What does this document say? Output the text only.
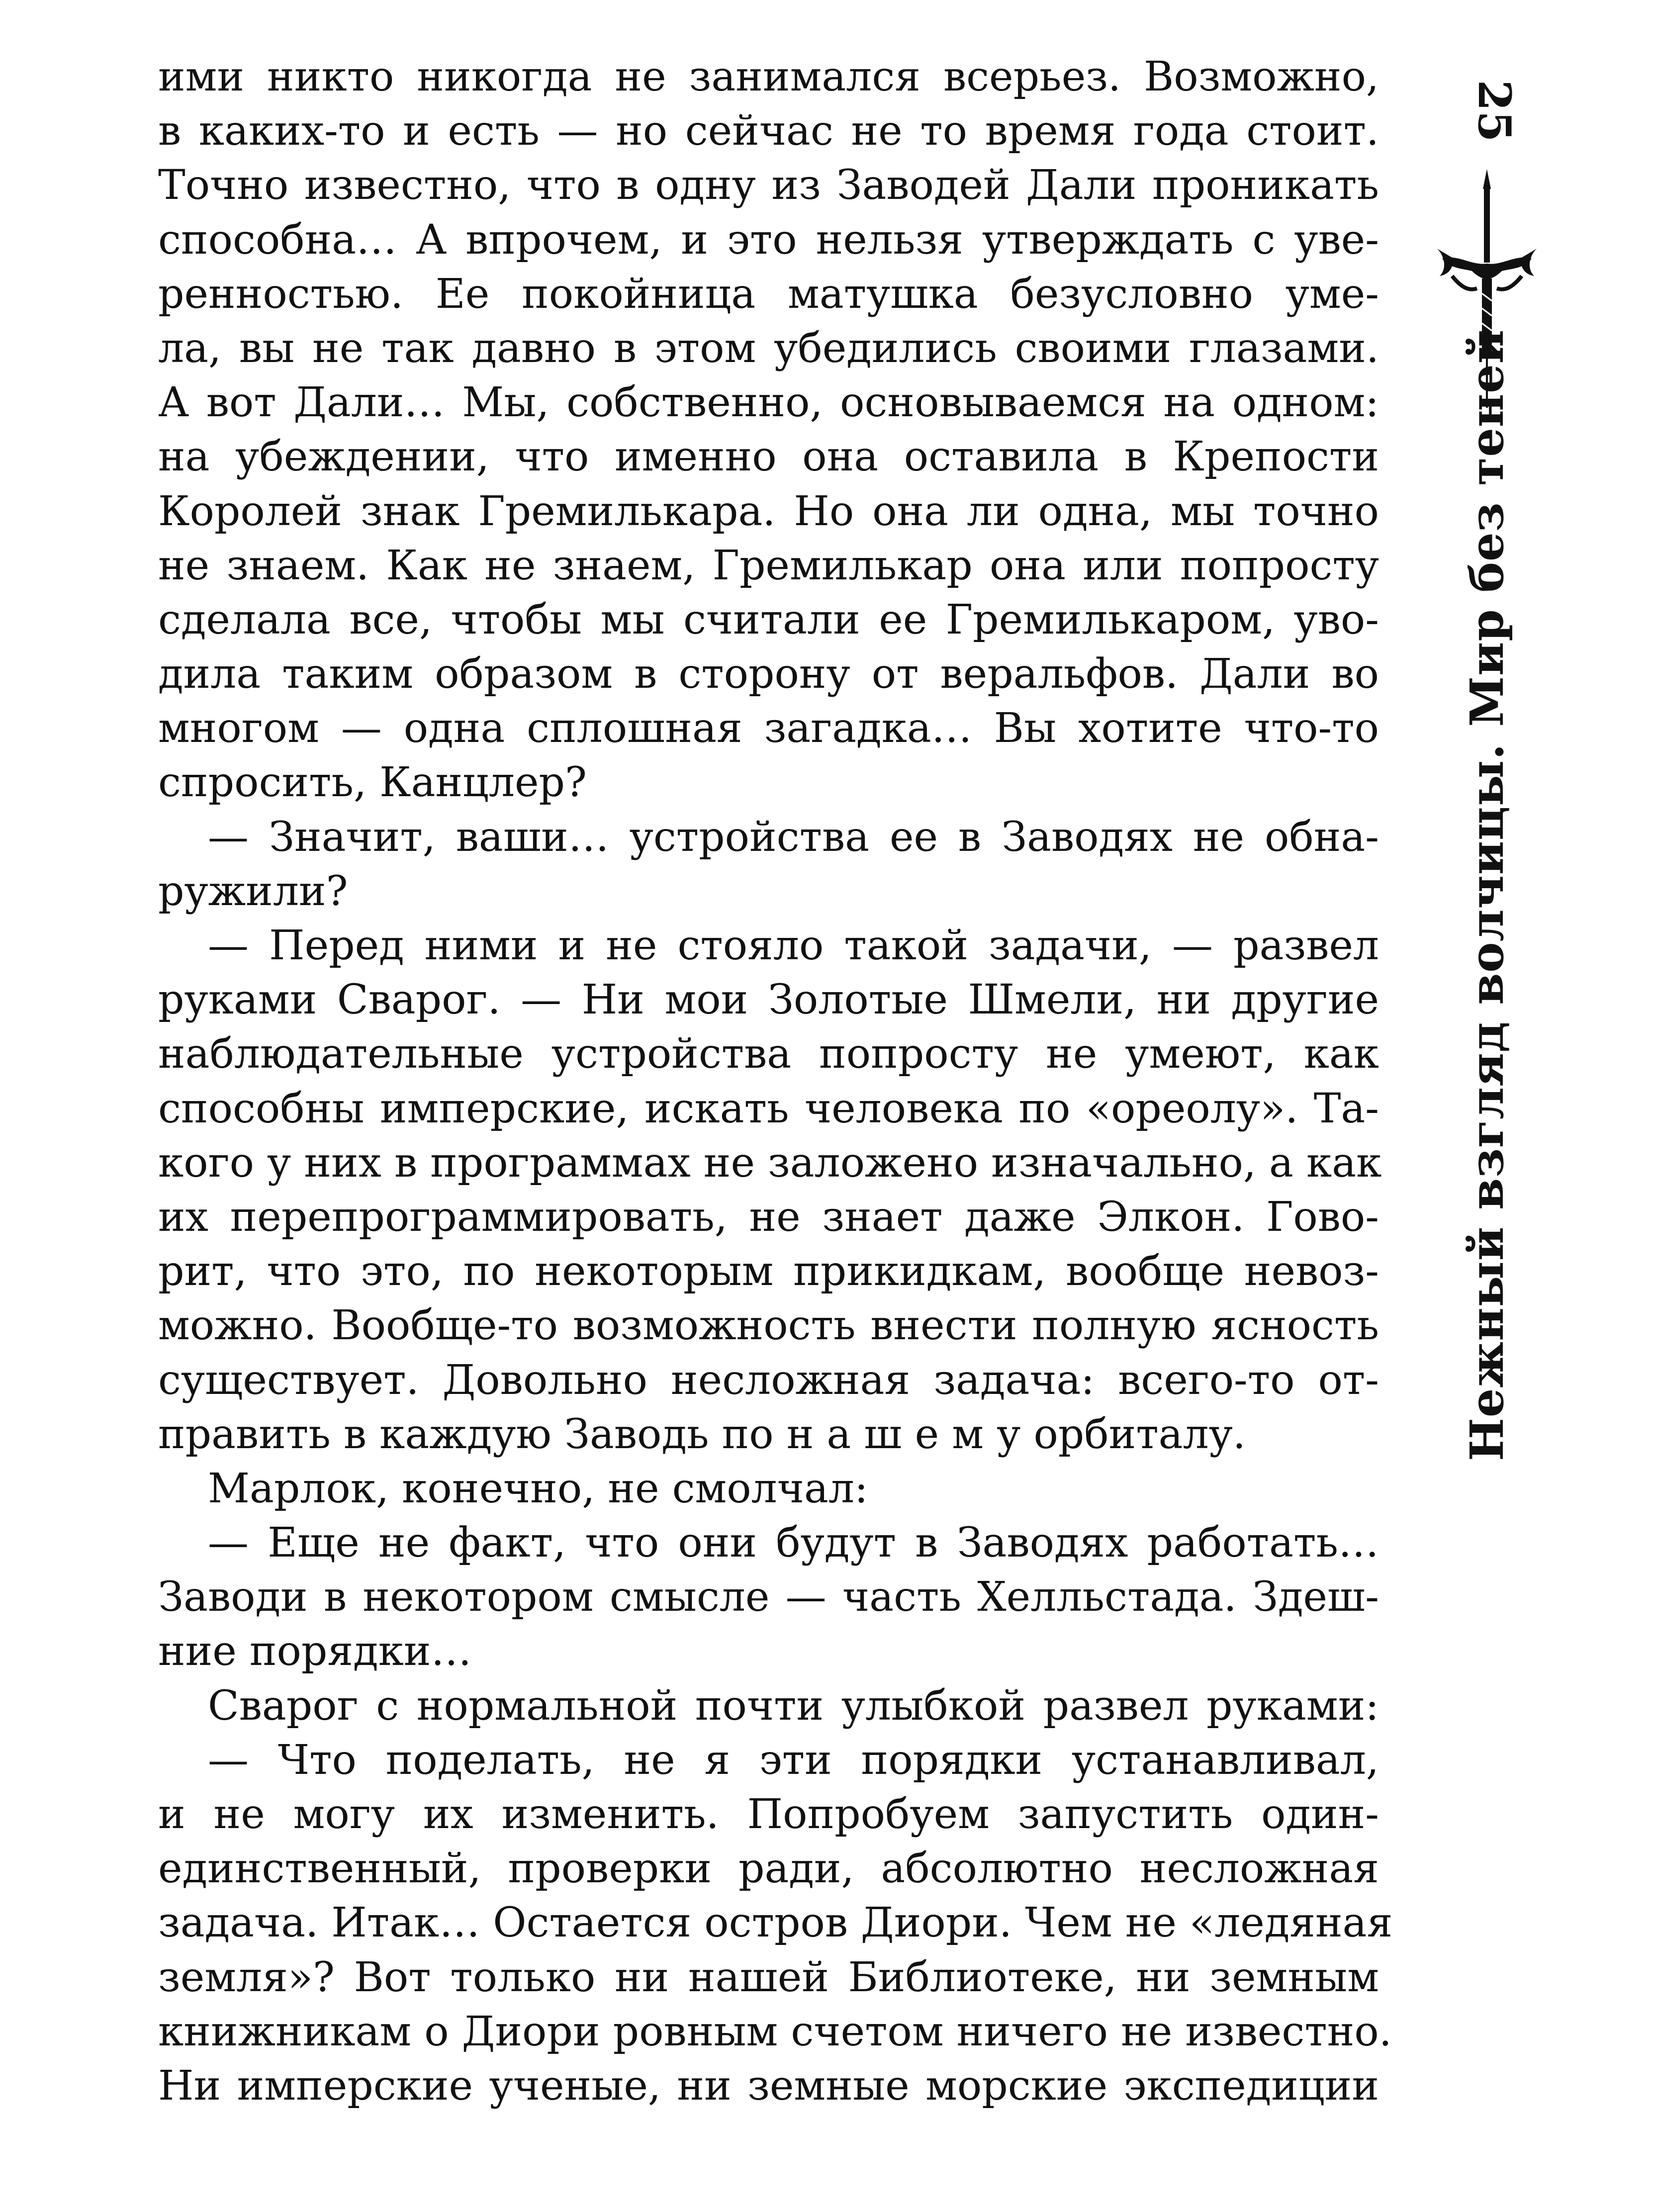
ими никто никогда не занимался всерьез. Возможно,
в каких-то и есть — но сейчас не то время года стоит.
Точно известно, что в одну из Заводей Дали проникать
способна… А впрочем, и это нельзя утверждать с уве-
ренностью. Ее покойница матушка безусловно уме-
ла, вы не так давно в этом убедились своими глазами.
А вот Дали… Мы, собственно, основываемся на одном:
на убеждении, что именно она оставила в Крепости
Королей знак Гремилькара. Но она ли одна, мы точно
не знаем. Как не знаем, Гремилькар она или попросту
сделала все, чтобы мы считали ее Гремилькаром, уво-
дила таким образом в сторону от веральфов. Дали во
многом — одна сплошная загадка… Вы хотите что-то
спросить, Канцлер?
— Значит, ваши… устройства ее в Заводях не обна-
ружили?
— Перед ними и не стояло такой задачи, — развел
руками Сварог. — Ни мои Золотые Шмели, ни другие
наблюдательные устройства попросту не умеют, как
способны имперские, искать человека по «ореолу». Та-
кого у них в программах не заложено изначально, а как
их перепрограммировать, не знает даже Элкон. Гово-
рит, что это, по некоторым прикидкам, вообще невоз-
можно. Вообще-то возможность внести полную ясность
существует. Довольно несложная задача: всего-то от-
править в каждую Заводь по н а ш е м у орбиталу.
Марлок, конечно, не смолчал:
— Еще не факт, что они будут в Заводях работать…
Заводи в некотором смысле — часть Хелльстада. Здеш-
ние порядки…
Сварог с нормальной почти улыбкой развел руками:
— Что поделать, не я эти порядки устанавливал,
и не могу их изменить. Попробуем запустить один-
единственный, проверки ради, абсолютно несложная
задача. Итак… Остается остров Диори. Чем не «ледяная
земля»? Вот только ни нашей Библиотеке, ни земным
книжникам о Диори ровным счетом ничего не известно.
Ни имперские ученые, ни земные морские экспедиции
25
Нежный взгляд волчицы. Мир без теней
